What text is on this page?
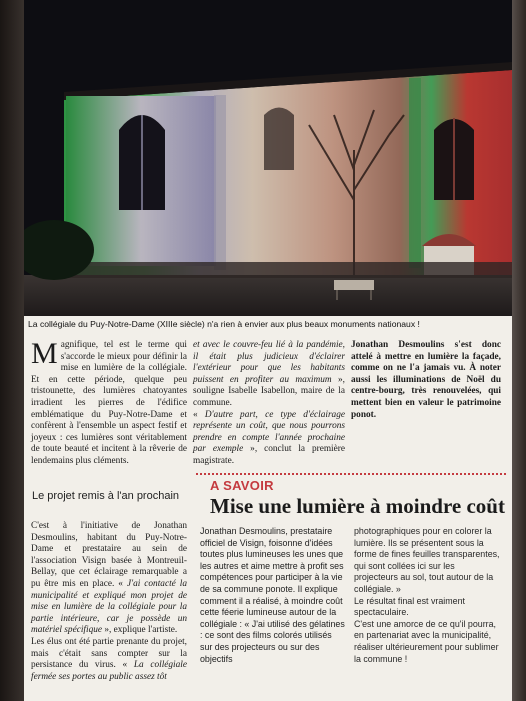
La collégiale du Puy-Notre-Dame (XIIIe siècle) n'a rien à envier aux plus beaux monuments nationaux !

Magnifique, tel est le terme qui s'accorde le mieux pour définir la mise en lumière de la collégiale. Et en cette période, quelque peu tristounette, des lumières chatoyantes irradient les pierres de l'édifice emblématique du Puy-Notre-Dame et confèrent à l'ensemble un aspect festif et joyeux : ces lumières sont véritablement de toute beauté et incitent à la rêverie de lendemains plus cléments.

Le projet remis à l'an prochain

C'est à l'initiative de Jonathan Desmoulins, habitant du Puy-Notre-Dame et prestataire au sein de l'association Visign basée à Montreuil-Bellay, que cet éclairage remarquable a pu être mis en place. « J'ai contacté la municipalité et expliqué mon projet de mise en lumière de la collégiale pour la partie intérieure, car je possède un matériel spécifique », explique l'artiste.

Les élus ont été partie prenante du projet, mais c'était sans compter sur la persistance du virus. « La collégiale fermée ses portes au public assez tôt

et avec le couvre-feu lié à la pandémie, il était plus judicieux d'éclairer l'extérieur pour que les habitants puissent en profiter au maximum », souligne Isabelle Isabellon, maire de la commune.

« D'autre part, ce type d'éclairage représente un coût, que nous pourrons prendre en compte l'année prochaine par exemple », conclut la première magistrate.

Jonathan Desmoulins s'est donc attelé à mettre en lumière la façade, comme on ne l'a jamais vu. À noter aussi les illuminations de Noël du centre-bourg, très renouvelées, qui mettent bien en valeur le patrimoine ponot.

A SAVOIR
Mise une lumière à moindre coût

Jonathan Desmoulins, prestataire officiel de Visign, foisonne d'idées toutes plus lumineuses les unes que les autres et aime mettre à profit ses compétences pour participer à la vie de sa commune ponote. Il explique comment il a réalisé, à moindre coût cette féerie lumineuse autour de la collégiale : « J'ai utilisé des gélatines : ce sont des films colorés utilisés sur des projecteurs ou sur des objectifs

photographiques pour en colorer la lumière. Ils se présentent sous la forme de fines feuilles transparentes, qui sont collées ici sur les projecteurs au sol, tout autour de la collégiale. »

Le résultat final est vraiment spectaculaire.

C'est une amorce de ce qu'il pourra, en partenariat avec la municipalité, réaliser ultérieurement pour sublimer la commune !
